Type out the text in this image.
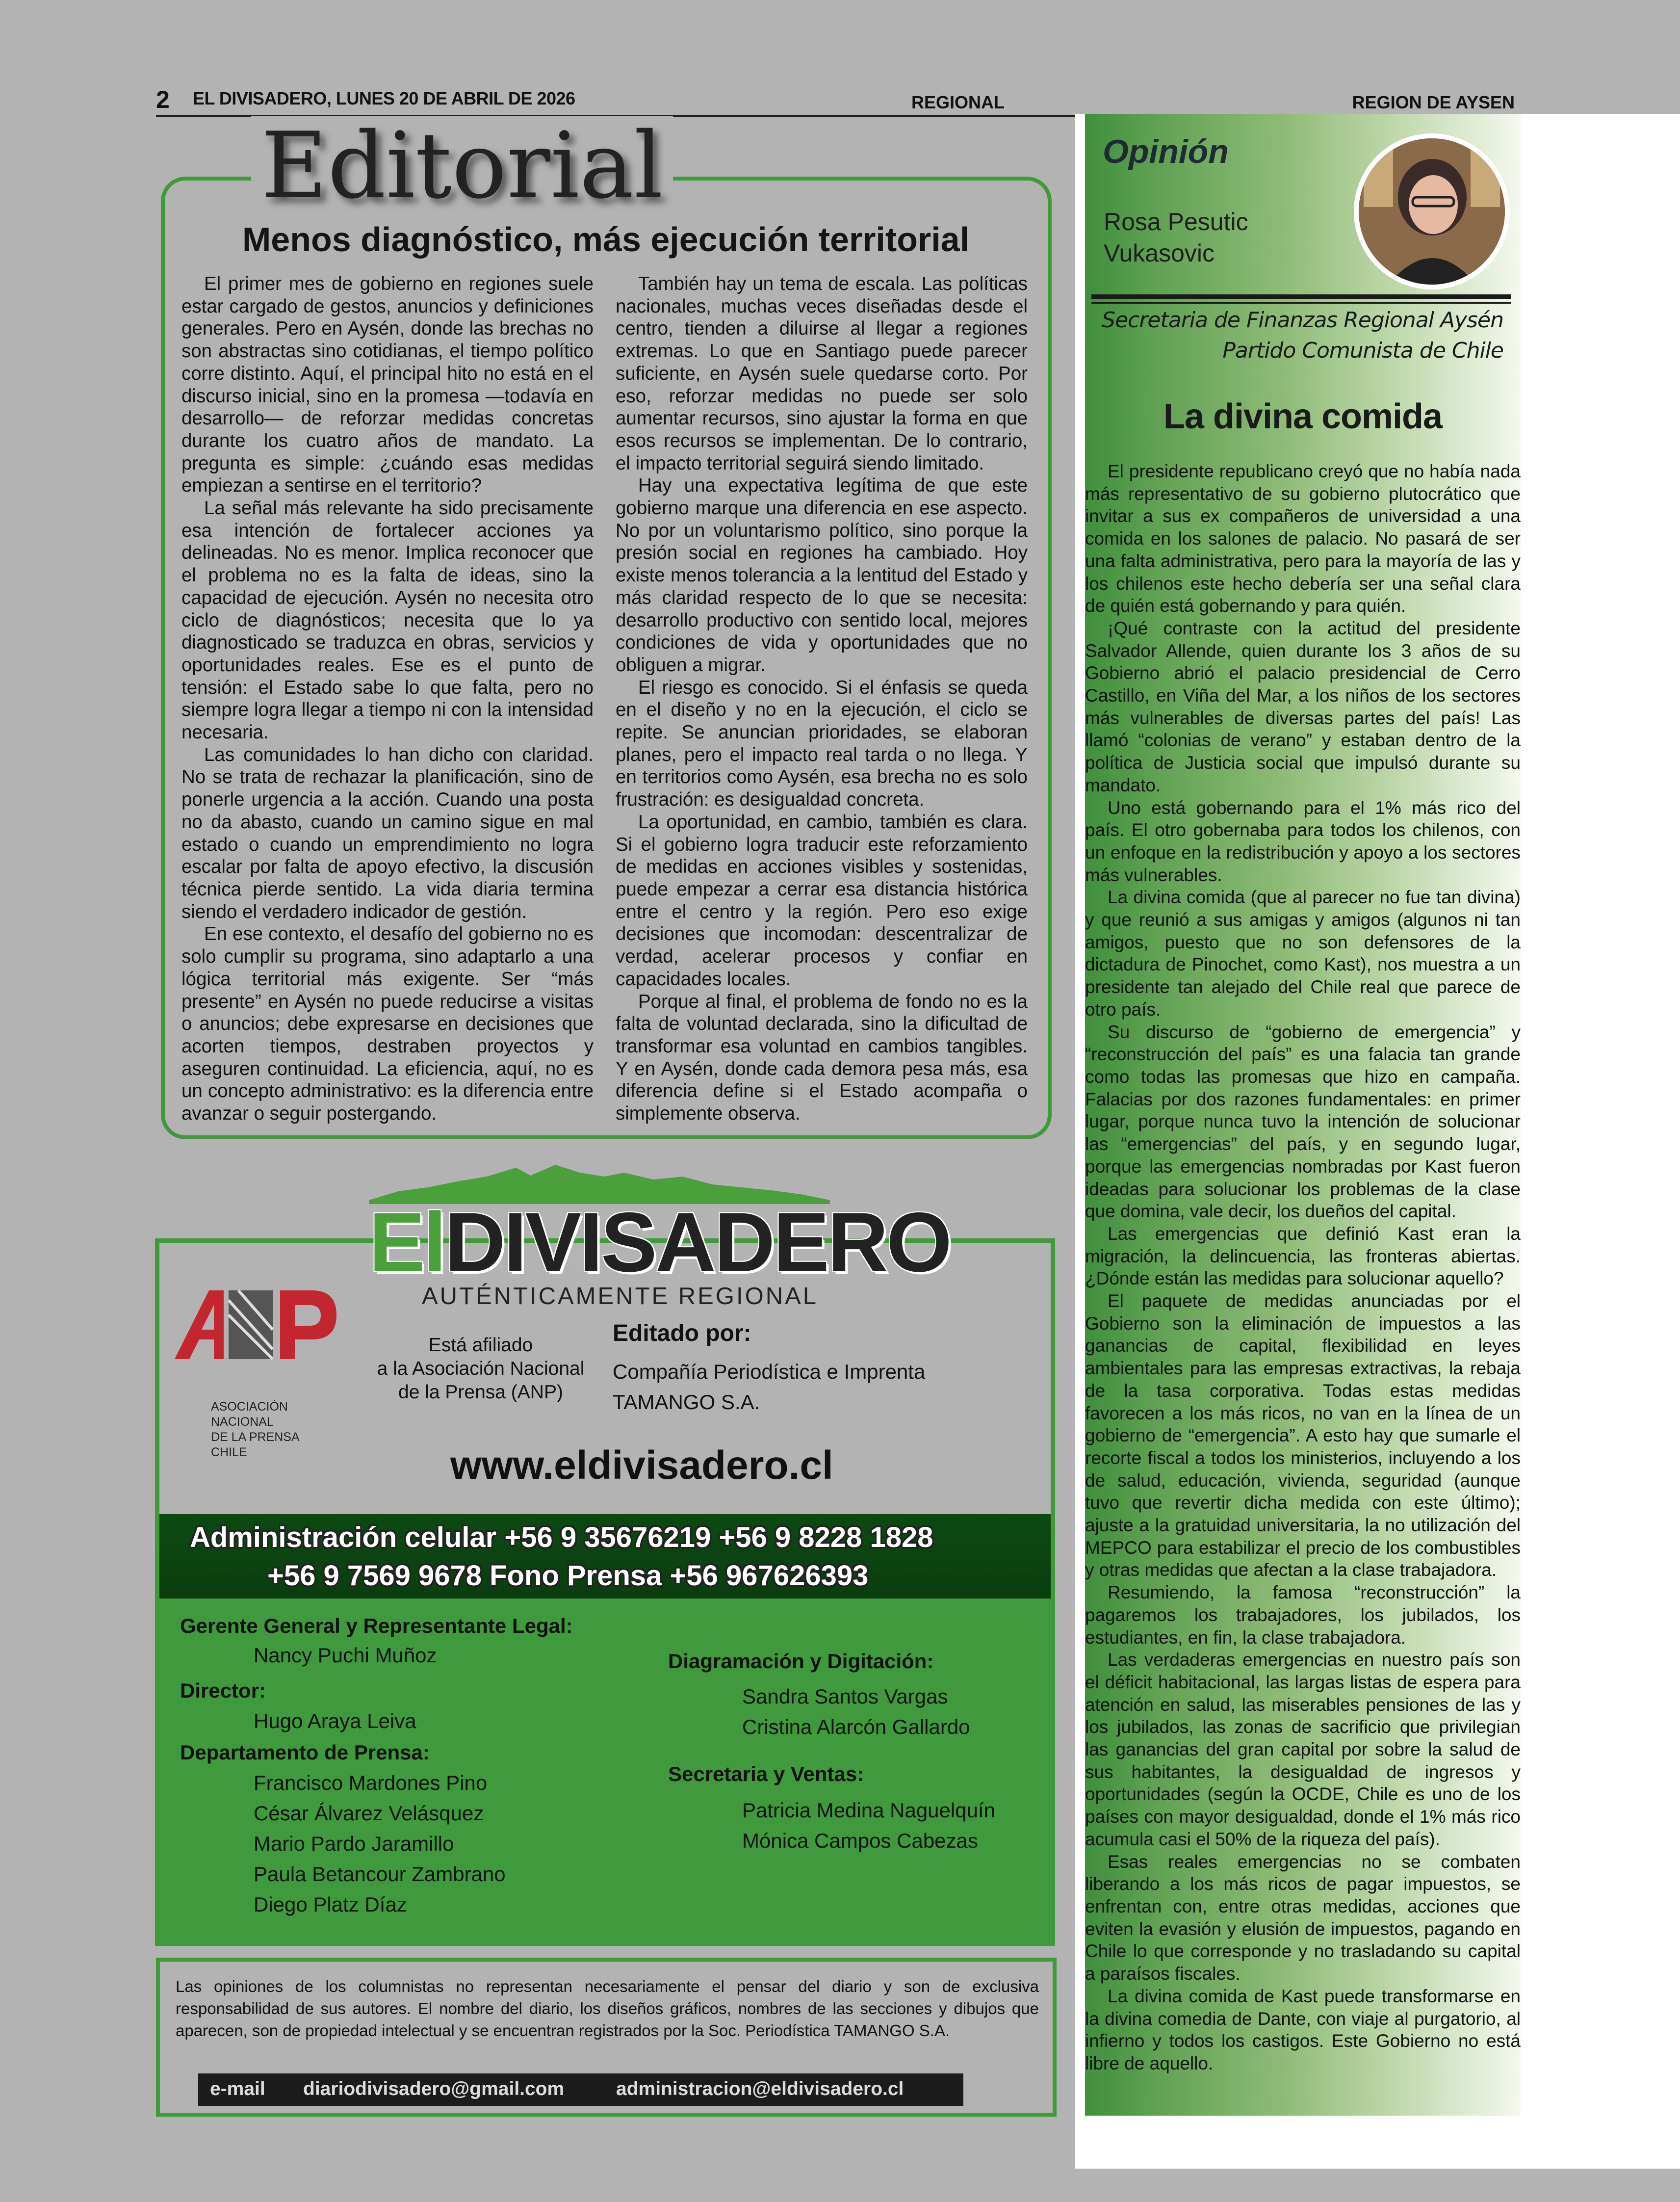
2 EL DIVISADERO, LUNES 20 DE ABRIL DE 2026	REGIONAL	REGION DE AYSEN
Editorial
Menos diagnóstico, más ejecución territorial

El primer mes de gobierno en regiones suele estar cargado de gestos, anuncios y definiciones generales. Pero en Aysén, donde las brechas no son abstractas sino cotidianas, el tiempo político corre distinto. Aquí, el principal hito no está en el discurso inicial, sino en la promesa —todavía en desarrollo— de reforzar medidas concretas durante los cuatro años de mandato. La pregunta es simple: ¿cuándo esas medidas empiezan a sentirse en el territorio?

La señal más relevante ha sido precisamente esa intención de fortalecer acciones ya delineadas. No es menor. Implica reconocer que el problema no es la falta de ideas, sino la capacidad de ejecución. Aysén no necesita otro ciclo de diagnósticos; necesita que lo ya diagnosticado se traduzca en obras, servicios y oportunidades reales. Ese es el punto de tensión: el Estado sabe lo que falta, pero no siempre logra llegar a tiempo ni con la intensidad necesaria.

Las comunidades lo han dicho con claridad. No se trata de rechazar la planificación, sino de ponerle urgencia a la acción. Cuando una posta no da abasto, cuando un camino sigue en mal estado o cuando un emprendimiento no logra escalar por falta de apoyo efectivo, la discusión técnica pierde sentido. La vida diaria termina siendo el verdadero indicador de gestión.

En ese contexto, el desafío del gobierno no es solo cumplir su programa, sino adaptarlo a una lógica territorial más exigente. Ser “más presente” en Aysén no puede reducirse a visitas o anuncios; debe expresarse en decisiones que acorten tiempos, destraben proyectos y aseguren continuidad. La eficiencia, aquí, no es un concepto administrativo: es la diferencia entre avanzar o seguir postergando.

También hay un tema de escala. Las políticas nacionales, muchas veces diseñadas desde el centro, tienden a diluirse al llegar a regiones extremas. Lo que en Santiago puede parecer suficiente, en Aysén suele quedarse corto. Por eso, reforzar medidas no puede ser solo aumentar recursos, sino ajustar la forma en que esos recursos se implementan. De lo contrario, el impacto territorial seguirá siendo limitado.

Hay una expectativa legítima de que este gobierno marque una diferencia en ese aspecto. No por un voluntarismo político, sino porque la presión social en regiones ha cambiado. Hoy existe menos tolerancia a la lentitud del Estado y más claridad respecto de lo que se necesita: desarrollo productivo con sentido local, mejores condiciones de vida y oportunidades que no obliguen a migrar.

El riesgo es conocido. Si el énfasis se queda en el diseño y no en la ejecución, el ciclo se repite. Se anuncian prioridades, se elaboran planes, pero el impacto real tarda o no llega. Y en territorios como Aysén, esa brecha no es solo frustración: es desigualdad concreta.

La oportunidad, en cambio, también es clara. Si el gobierno logra traducir este reforzamiento de medidas en acciones visibles y sostenidas, puede empezar a cerrar esa distancia histórica entre el centro y la región. Pero eso exige decisiones que incomodan: descentralizar de verdad, acelerar procesos y confiar en capacidades locales.

Porque al final, el problema de fondo no es la falta de voluntad declarada, sino la dificultad de transformar esa voluntad en cambios tangibles. Y en Aysén, donde cada demora pesa más, esa diferencia define si el Estado acompaña o simplemente observa.

ElDIVISADERO
AUTÉNTICAMENTE REGIONAL
ASOCIACIÓN
NACIONAL
DE LA PRENSA
CHILE
Está afiliado
a la Asociación Nacional
de la Prensa (ANP)
Editado por:
Compañía Periodística e Imprenta
TAMANGO S.A.
www.eldivisadero.cl
Administración celular +56 9 35676219 +56 9 8228 1828
+56 9 7569 9678 Fono Prensa +56 967626393
Gerente General y Representante Legal:
Nancy Puchi Muñoz
Director:
Hugo Araya Leiva
Departamento de Prensa:
Francisco Mardones Pino
César Álvarez Velásquez
Mario Pardo Jaramillo
Paula Betancour Zambrano
Diego Platz Díaz
Diagramación y Digitación:
Sandra Santos Vargas
Cristina Alarcón Gallardo
Secretaria y Ventas:
Patricia Medina Naguelquín
Mónica Campos Cabezas
Las opiniones de los columnistas no representan necesariamente el pensar del diario y son de exclusiva responsabilidad de sus autores. El nombre del diario, los diseños gráficos, nombres de las secciones y dibujos que aparecen, son de propiedad intelectual y se encuentran registrados por la Soc. Periodística TAMANGO S.A.
e-mail diariodivisadero@gmail.com	administracion@eldivisadero.cl
Opinión
Rosa Pesutic
Vukasovic
Secretaria de Finanzas Regional Aysén
Partido Comunista de Chile
La divina comida

El presidente republicano creyó que no había nada más representativo de su gobierno plutocrático que invitar a sus ex compañeros de universidad a una comida en los salones de palacio. No pasará de ser una falta administrativa, pero para la mayoría de las y los chilenos este hecho debería ser una señal clara de quién está gobernando y para quién.

¡Qué contraste con la actitud del presidente Salvador Allende, quien durante los 3 años de su Gobierno abrió el palacio presidencial de Cerro Castillo, en Viña del Mar, a los niños de los sectores más vulnerables de diversas partes del país! Las llamó “colonias de verano” y estaban dentro de la política de Justicia social que impulsó durante su mandato.

Uno está gobernando para el 1% más rico del país. El otro gobernaba para todos los chilenos, con un enfoque en la redistribución y apoyo a los sectores más vulnerables.

La divina comida (que al parecer no fue tan divina) y que reunió a sus amigas y amigos (algunos ni tan amigos, puesto que no son defensores de la dictadura de Pinochet, como Kast), nos muestra a un presidente tan alejado del Chile real que parece de otro país.

Su discurso de “gobierno de emergencia” y “reconstrucción del país” es una falacia tan grande como todas las promesas que hizo en campaña. Falacias por dos razones fundamentales: en primer lugar, porque nunca tuvo la intención de solucionar las “emergencias” del país, y en segundo lugar, porque las emergencias nombradas por Kast fueron ideadas para solucionar los problemas de la clase que domina, vale decir, los dueños del capital.

Las emergencias que definió Kast eran la migración, la delincuencia, las fronteras abiertas. ¿Dónde están las medidas para solucionar aquello?

El paquete de medidas anunciadas por el Gobierno son la eliminación de impuestos a las ganancias de capital, flexibilidad en leyes ambientales para las empresas extractivas, la rebaja de la tasa corporativa. Todas estas medidas favorecen a los más ricos, no van en la línea de un gobierno de “emergencia”. A esto hay que sumarle el recorte fiscal a todos los ministerios, incluyendo a los de salud, educación, vivienda, seguridad (aunque tuvo que revertir dicha medida con este último); ajuste a la gratuidad universitaria, la no utilización del MEPCO para estabilizar el precio de los combustibles y otras medidas que afectan a la clase trabajadora.

Resumiendo, la famosa “reconstrucción” la pagaremos los trabajadores, los jubilados, los estudiantes, en fin, la clase trabajadora.

Las verdaderas emergencias en nuestro país son el déficit habitacional, las largas listas de espera para atención en salud, las miserables pensiones de las y los jubilados, las zonas de sacrificio que privilegian las ganancias del gran capital por sobre la salud de sus habitantes, la desigualdad de ingresos y oportunidades (según la OCDE, Chile es uno de los países con mayor desigualdad, donde el 1% más rico acumula casi el 50% de la riqueza del país).

Esas reales emergencias no se combaten liberando a los más ricos de pagar impuestos, se enfrentan con, entre otras medidas, acciones que eviten la evasión y elusión de impuestos, pagando en Chile lo que corresponde y no trasladando su capital a paraísos fiscales.

La divina comida de Kast puede transformarse en la divina comedia de Dante, con viaje al purgatorio, al infierno y todos los castigos. Este Gobierno no está libre de aquello.
